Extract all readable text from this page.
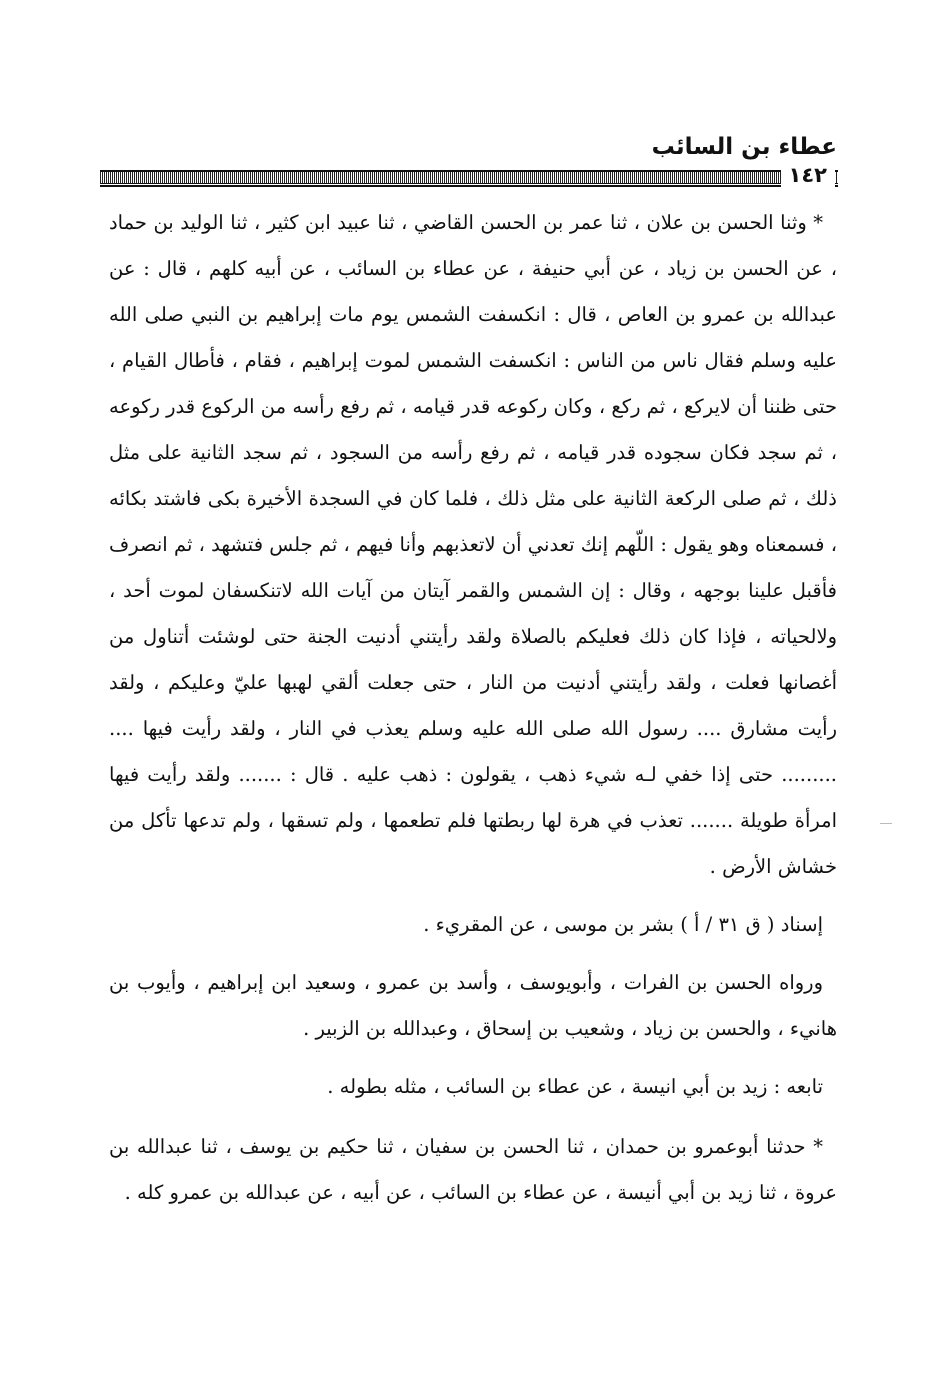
عطاء بن السائب
١٤٢

* وثنا الحسن بن علان ، ثنا عمر بن الحسن القاضي ، ثنا عبيد ابن كثير ، ثنا الوليد بن حماد ، عن الحسن بن زياد ، عن أبي حنيفة ، عن عطاء بن السائب ، عن أبيه كلهم ، قال : عن عبدالله بن عمرو بن العاص ، قال : انكسفت الشمس يوم مات إبراهيم بن النبي صلى الله عليه وسلم فقال ناس من الناس : انكسفت الشمس لموت إبراهيم ، فقام ، فأطال القيام ، حتى ظننا أن لايركع ، ثم ركع ، وكان ركوعه قدر قيامه ، ثم رفع رأسه من الركوع قدر ركوعه ، ثم سجد فكان سجوده قدر قيامه ، ثم رفع رأسه من السجود ، ثم سجد الثانية على مثل ذلك ، ثم صلى الركعة الثانية على مثل ذلك ، فلما كان في السجدة الأخيرة بكى فاشتد بكائه ، فسمعناه وهو يقول : اللّهم إنك تعدني أن لاتعذبهم وأنا فيهم ، ثم جلس فتشهد ، ثم انصرف فأقبل علينا بوجهه ، وقال : إن الشمس والقمر آيتان من آيات الله لاتنكسفان لموت أحد ، ولالحياته ، فإذا كان ذلك فعليكم بالصلاة ولقد رأيتني أدنيت الجنة حتى لوشئت أتناول من أغصانها فعلت ، ولقد رأيتني أدنيت من النار ، حتى جعلت ألقي لهبها عليّ وعليكم ، ولقد رأيت مشارق .... رسول الله صلى الله عليه وسلم يعذب في النار ، ولقد رأيت فيها .... ......... حتى إذا خفي لـه شيء ذهب ، يقولون : ذهب عليه . قال : ....... ولقد رأيت فيها امرأة طويلة ....... تعذب في هرة لها ربطتها فلم تطعمها ، ولم تسقها ، ولم تدعها تأكل من خشاش الأرض .

إسناد ( ق ٣١ / أ ) بشر بن موسى ، عن المقريء .

ورواه الحسن بن الفرات ، وأبويوسف ، وأسد بن عمرو ، وسعيد ابن إبراهيم ، وأيوب بن هانيء ، والحسن بن زياد ، وشعيب بن إسحاق ، وعبدالله بن الزبير .

تابعه : زيد بن أبي انيسة ، عن عطاء بن السائب ، مثله بطوله .

* حدثنا أبوعمرو بن حمدان ، ثنا الحسن بن سفيان ، ثنا حكيم بن يوسف ، ثنا عبدالله بن عروة ، ثنا زيد بن أبي أنيسة ، عن عطاء بن السائب ، عن أبيه ، عن عبدالله بن عمرو كله .
